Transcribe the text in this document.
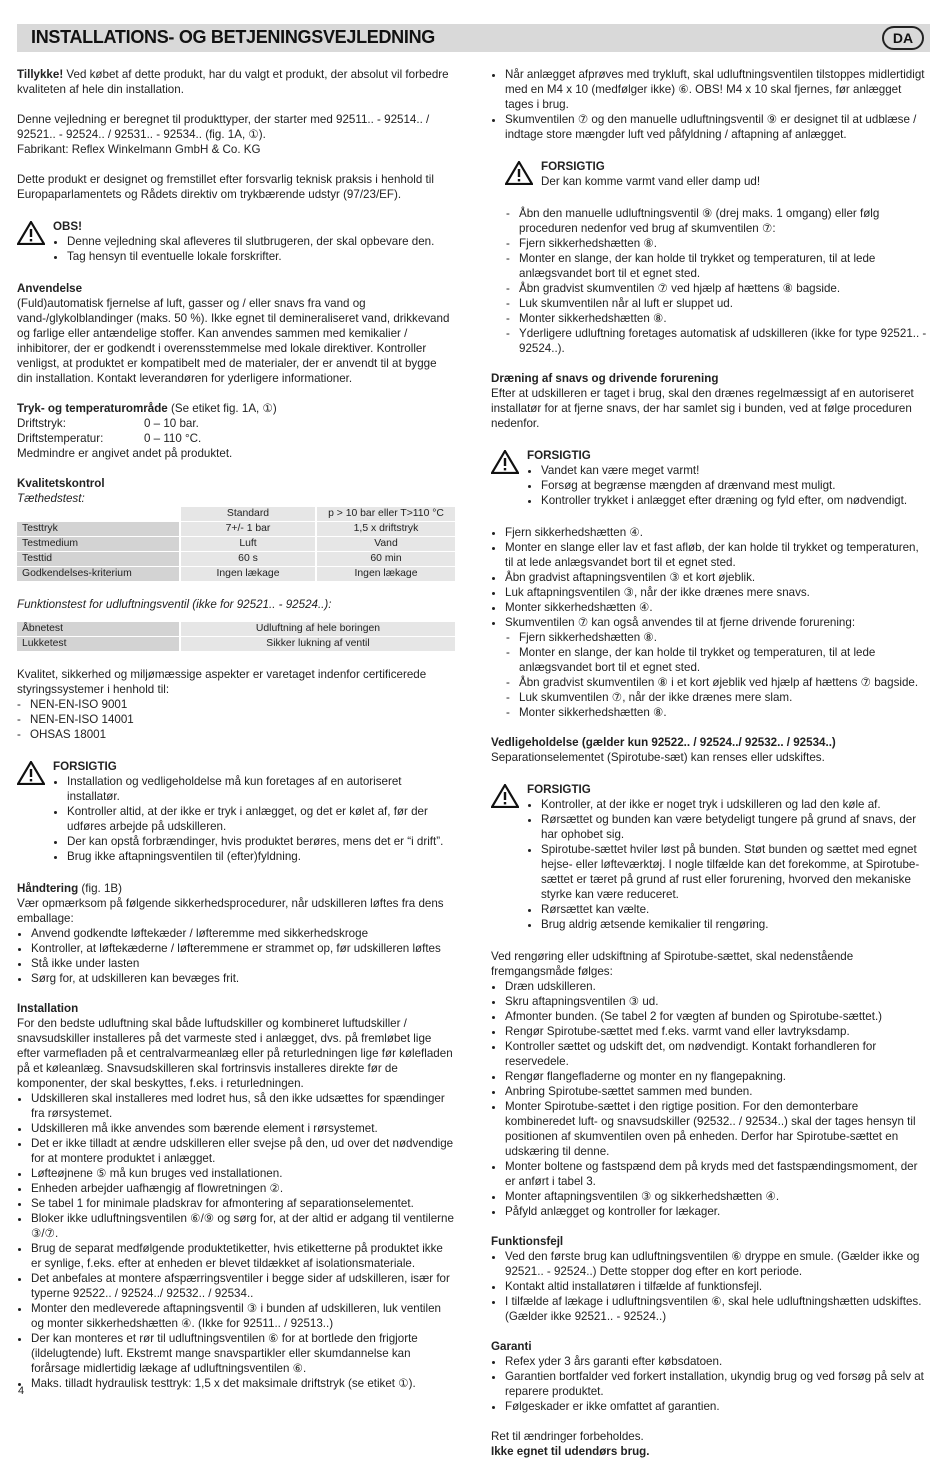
INSTALLATIONS- OG BETJENINGSVEJLEDNING	DA

Tillykke! Ved købet af dette produkt, har du valgt et produkt, der absolut vil forbedre kvaliteten af hele din installation.

Denne vejledning er beregnet til produkttyper, der starter med 92511.. - 92514.. / 92521.. - 92524.. / 92531.. - 92534.. (fig. 1A, ①).

Fabrikant: Reflex Winkelmann GmbH & Co. KG

Dette produkt er designet og fremstillet efter forsvarlig teknisk praksis i henhold til Europaparlamentets og Rådets direktiv om trykbærende udstyr (97/23/EF).

OBS!

• Denne vejledning skal afleveres til slutbrugeren, der skal opbevare den.
• Tag hensyn til eventuelle lokale forskrifter.

Anvendelse

(Fuld)automatisk fjernelse af luft, gasser og / eller snavs fra vand og vand-/glykolblandinger (maks. 50 %). Ikke egnet til demineraliseret vand, drikkevand og farlige eller antændelige stoffer. Kan anvendes sammen med kemikalier / inhibitorer, der er godkendt i overensstemmelse med lokale direktiver. Kontroller venligst, at produktet er kompatibelt med de materialer, der er anvendt til at bygge din installation. Kontakt leverandøren for yderligere informationer.

Tryk- og temperaturområde (Se etiket fig. 1A, ①)

Driftstryk:	0 – 10 bar.

Driftstemperatur:	0 – 110 °C.

Medmindre er angivet andet på produktet.

Kvalitetskontrol

Tæthedstest:

	Standard	p > 10 bar eller T>110 °C
Testtryk	7+/- 1 bar	1,5 x driftstryk
Testmedium	Luft	Vand
Testtid	60 s	60 min
Godkendelses-kriterium	Ingen lækage	Ingen lækage

Funktionstest for udluftningsventil (ikke for 92521.. - 92524..):

Åbnetest	Udluftning af hele boringen
Lukketest	Sikker lukning af ventil

Kvalitet, sikkerhed og miljømæssige aspekter er varetaget indenfor certificerede styringssystemer i henhold til:

- NEN-EN-ISO 9001
- NEN-EN-ISO 14001
- OHSAS 18001

FORSIGTIG

• Installation og vedligeholdelse må kun foretages af en autoriseret installatør.
• Kontroller altid, at der ikke er tryk i anlægget, og det er kølet af, før der udføres arbejde på udskilleren.
• Der kan opstå forbrændinger, hvis produktet berøres, mens det er “i drift”.
• Brug ikke aftapningsventilen til (efter)fyldning.

Håndtering (fig. 1B)

Vær opmærksom på følgende sikkerhedsprocedurer, når udskilleren løftes fra dens emballage:

• Anvend godkendte løftekæder / løfteremme med sikkerhedskroge
• Kontroller, at løftekæderne / løfteremmene er strammet op, før udskilleren løftes
• Stå ikke under lasten
• Sørg for, at udskilleren kan bevæges frit.

Installation

For den bedste udluftning skal både luftudskiller og kombineret luftudskiller / snavsudskiller installeres på det varmeste sted i anlægget, dvs. på fremløbet lige efter varmefladen på et centralvarmeanlæg eller på returledningen lige før kølefladen på et køleanlæg. Snavsudskilleren skal fortrinsvis installeres direkte før de komponenter, der skal beskyttes, f.eks. i returledningen.

• Udskilleren skal installeres med lodret hus, så den ikke udsættes for spændinger fra rørsystemet.
• Udskilleren må ikke anvendes som bærende element i rørsystemet.
• Det er ikke tilladt at ændre udskilleren eller svejse på den, ud over det nødvendige for at montere produktet i anlægget.
• Løfteøjnene ⑤ må kun bruges ved installationen.
• Enheden arbejder uafhængig af flowretningen ②.
• Se tabel 1 for minimale pladskrav for afmontering af separationselementet.
• Bloker ikke udluftningsventilen ⑥/⑨ og sørg for, at der altid er adgang til ventilerne ③/⑦.
• Brug de separat medfølgende produktetiketter, hvis etiketterne på produktet ikke er synlige, f.eks. efter at enheden er blevet tildækket af isolationsmateriale.
• Det anbefales at montere afspærringsventiler i begge sider af udskilleren, især for typerne 92522.. / 92524../ 92532.. / 92534..
• Monter den medleverede aftapningsventil ③ i bunden af udskilleren, luk ventilen og monter sikkerhedshætten ④. (Ikke for 92511.. / 92513..)
• Der kan monteres et rør til udluftningsventilen ⑥ for at bortlede den frigjorte (ildelugtende) luft. Ekstremt mange snavspartikler eller skumdannelse kan forårsage midlertidig lækage af udluftningsventilen ⑥.
• Maks. tilladt hydraulisk testtryk: 1,5 x det maksimale driftstryk (se etiket ①).
• Når anlægget afprøves med trykluft, skal udluftningsventilen tilstoppes midlertidigt med en M4 x 10 (medfølger ikke) ⑥. OBS! M4 x 10 skal fjernes, før anlægget tages i brug.
• Skumventilen ⑦ og den manuelle udluftningsventil ⑨ er designet til at udblæse / indtage store mængder luft ved påfyldning / aftapning af anlægget.

FORSIGTIG

Der kan komme varmt vand eller damp ud!

- Åbn den manuelle udluftningsventil ⑨ (drej maks. 1 omgang) eller følg proceduren nedenfor ved brug af skumventilen ⑦:
- Fjern sikkerhedshætten ⑧.
- Monter en slange, der kan holde til trykket og temperaturen, til at lede anlægsvandet bort til et egnet sted.
- Åbn gradvist skumventilen ⑦ ved hjælp af hættens ⑧ bagside.
- Luk skumventilen når al luft er sluppet ud.
- Monter sikkerhedshætten ⑧.
- Yderligere udluftning foretages automatisk af udskilleren (ikke for type 92521.. - 92524..).

Dræning af snavs og drivende forurening

Efter at udskilleren er taget i brug, skal den drænes regelmæssigt af en autoriseret installatør for at fjerne snavs, der har samlet sig i bunden, ved at følge proceduren nedenfor.

FORSIGTIG

• Vandet kan være meget varmt!
• Forsøg at begrænse mængden af drænvand mest muligt.
• Kontroller trykket i anlægget efter dræning og fyld efter, om nødvendigt.
• Fjern sikkerhedshætten ④.
• Monter en slange eller lav et fast afløb, der kan holde til trykket og temperaturen, til at lede anlægsvandet bort til et egnet sted.
• Åbn gradvist aftapningsventilen ③ et kort øjeblik.
• Luk aftapningsventilen ③, når der ikke drænes mere snavs.
• Monter sikkerhedshætten ④.
• Skumventilen ⑦ kan også anvendes til at fjerne drivende forurening:
- Fjern sikkerhedshætten ⑧.
- Monter en slange, der kan holde til trykket og temperaturen, til at lede anlægsvandet bort til et egnet sted.
- Åbn gradvist skumventilen ⑧ i et kort øjeblik ved hjælp af hættens ⑦ bagside.
- Luk skumventilen ⑦, når der ikke drænes mere slam.
- Monter sikkerhedshætten ⑧.

Vedligeholdelse (gælder kun 92522.. / 92524../ 92532.. / 92534..)

Separationselementet (Spirotube-sæt) kan renses eller udskiftes.

FORSIGTIG

• Kontroller, at der ikke er noget tryk i udskilleren og lad den køle af.
• Rørsættet og bunden kan være betydeligt tungere på grund af snavs, der har ophobet sig.
• Spirotube-sættet hviler løst på bunden. Støt bunden og sættet med egnet hejse- eller løfteværktøj. I nogle tilfælde kan det forekomme, at Spirotube-sættet er tæret på grund af rust eller forurening, hvorved den mekaniske styrke kan være reduceret.
• Rørsættet kan vælte.
• Brug aldrig ætsende kemikalier til rengøring.

Ved rengøring eller udskiftning af Spirotube-sættet, skal nedenstående fremgangsmåde følges:

• Dræn udskilleren.
• Skru aftapningsventilen ③ ud.
• Afmonter bunden. (Se tabel 2 for vægten af bunden og Spirotube-sættet.)
• Rengør Spirotube-sættet med f.eks. varmt vand eller lavtryksdamp.
• Kontroller sættet og udskift det, om nødvendigt. Kontakt forhandleren for reservedele.
• Rengør flangefladerne og monter en ny flangepakning.
• Anbring Spirotube-sættet sammen med bunden.
• Monter Spirotube-sættet i den rigtige position. For den demonterbare kombineredet luft- og snavsudskiller (92532.. / 92534..) skal der tages hensyn til positionen af skumventilen oven på enheden. Derfor har Spirotube-sættet en udskæring til denne.
• Monter boltene og fastspænd dem på kryds med det fastspændingsmoment, der er anført i tabel 3.
• Monter aftapningsventilen ③ og sikkerhedshætten ④.
• Påfyld anlægget og kontroller for lækager.

Funktionsfejl

• Ved den første brug kan udluftningsventilen ⑥ dryppe en smule. (Gælder ikke og 92521.. - 92524..) Dette stopper dog efter en kort periode.
• Kontakt altid installatøren i tilfælde af funktionsfejl.
• I tilfælde af lækage i udluftningsventilen ⑥, skal hele udluftningshætten udskiftes. (Gælder ikke 92521.. - 92524..)

Garanti

• Refex yder 3 års garanti efter købsdatoen.
• Garantien bortfalder ved forkert installation, ukyndig brug og ved forsøg på selv at reparere produktet.
• Følgeskader er ikke omfattet af garantien.

Ret til ændringer forbeholdes.

Ikke egnet til udendørs brug.

4
